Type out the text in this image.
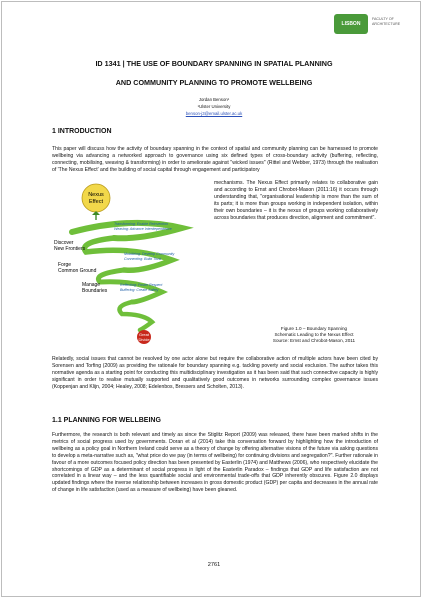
LISBON
FACULTY OF ARCHITECTURE
ID 1341 | THE USE OF BOUNDARY SPANNING IN SPATIAL PLANNING
AND COMMUNITY PLANNING TO PROMOTE WELLBEING
Jordan Benson¹
¹Ulster University
benson-j3@email.ulster.ac.uk
1 INTRODUCTION

This paper will discuss how the activity of boundary spanning in the context of spatial and community planning can be harnessed to promote wellbeing via advancing a networked approach to governance using six defined types of cross-boundary activity (buffering, reflecting, connecting, mobilising, weaving & transforming) in order to ameliorate against "wicked issues" (Rittel and Webber, 1973) through the realisation of 'The Nexus Effect' and the building of social capital through engagement and participatory

Nexus
Effect
Great
Divide
Discover
New Frontiers
Forge
Common Ground
Manage
Boundaries
Transforming: Enable Reinvention
Weaving: Advance Interdependence
Mobilizing: Develop Community
Connecting: Build Trust
Reflecting: Foster Respect
Buffering: Create Safety

mechanisms. The Nexus Effect primarily relates to collaborative gain and according to Ernst and Chrobot-Mason (2011:16) it occurs through understanding that, "organisational leadership is more than the sum of its parts; it is more than groups working in independent isolation, within their own boundaries – it is the nexus of groups working collaboratively across boundaries that produces direction, alignment and commitment".

Figure 1.0 – Boundary Spanning
Schematic Leading to the Nexus Effect
Source: Ernst and Chrobot-Mason, 2011

Relatedly, social issues that cannot be resolved by one actor alone but require the collaborative action of multiple actors have been cited by Sorensen and Torfing (2009) as providing the rationale for boundary spanning e.g. tackling poverty and social exclusion. The author takes this normative agenda as a starting point for conducting this multidisciplinary investigation as it has been said that such connective capacity is highly significant in order to realise mutually supported and qualitatively good outcomes in networks surrounding complex governance issues (Koppenjan and Klijn, 2004; Healey, 2008; Edelenbos, Bressers and Scholten, 2013).

1.1 PLANNING FOR WELLBEING

Furthermore, the research is both relevant and timely as since the Stiglitz Report (2009) was released, there have been marked shifts in the metrics of social progress used by governments. Doran et al (2014) take this conversation forward by highlighting how the introduction of wellbeing as a policy goal in Northern Ireland could serve as a theory of change by offering alternative visions of the future via asking questions to develop a meta-narrative such as, "what price do we pay (in terms of wellbeing) for continuing divisions and segregation?". Further rationale in favour of a more outcomes focused policy direction has been presented by Easterlin (1974) and Matthews (2006), who respectively elucidate the shortcomings of GDP as a determinant of social progress in light of the Easterlin Paradox – findings that GDP and life satisfaction are not correlated in a linear way – and the less quantifiable social and environmental trade-offs that GDP inherently obscures. Figure 2.0 displays updated findings where the inverse relationship between increases in gross domestic product (GDP) per capita and decreases in the annual rate of change in life satisfaction (used as a measure of wellbeing) have been gleaned.

2761
